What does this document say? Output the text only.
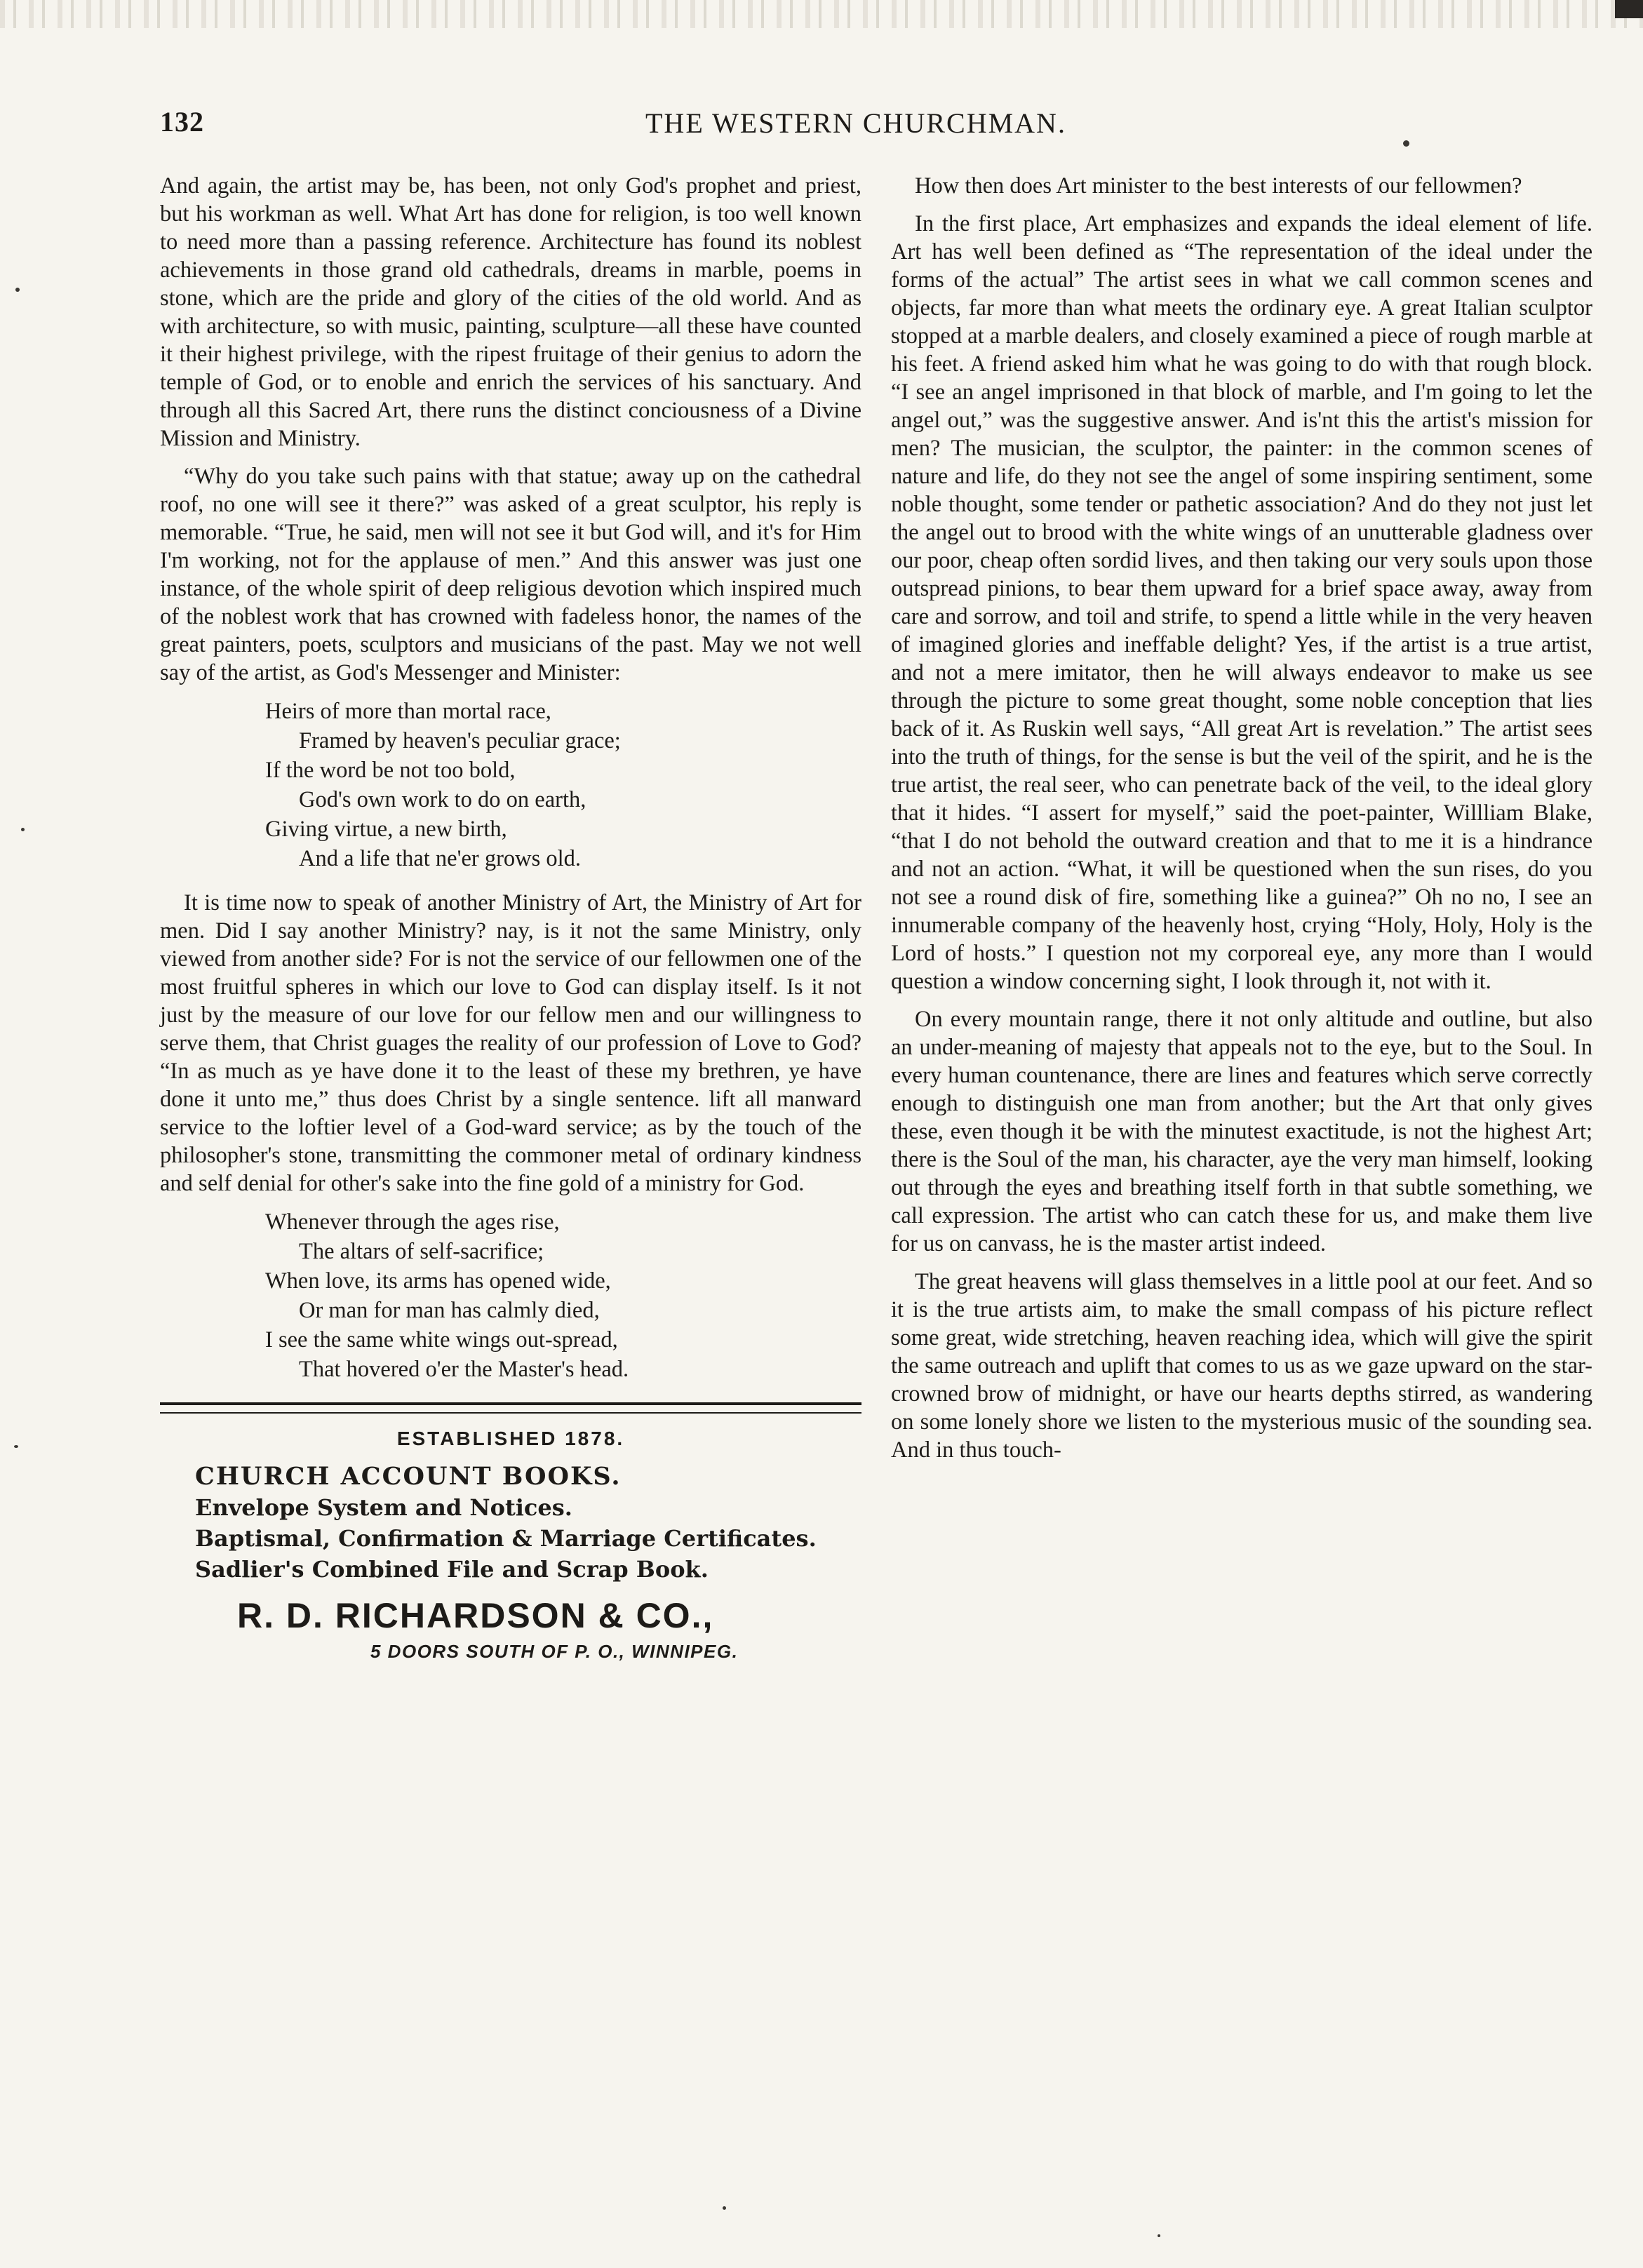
132	THE WESTERN CHURCHMAN.

And again, the artist may be, has been, not only God's prophet and priest, but his workman as well. What Art has done for religion, is too well known to need more than a passing reference. Architecture has found its noblest achievements in those grand old cathedrals, dreams in marble, poems in stone, which are the pride and glory of the cities of the old world. And as with architecture, so with music, painting, sculpture—all these have counted it their highest privilege, with the ripest fruitage of their genius to adorn the temple of God, or to enoble and enrich the services of his sanctuary. And through all this Sacred Art, there runs the distinct conciousness of a Divine Mission and Ministry.

“Why do you take such pains with that statue; away up on the cathedral roof, no one will see it there?” was asked of a great sculptor, his reply is memorable. “True, he said, men will not see it but God will, and it's for Him I'm working, not for the applause of men.” And this answer was just one instance, of the whole spirit of deep religious devotion which inspired much of the noblest work that has crowned with fadeless honor, the names of the great painters, poets, sculptors and musicians of the past. May we not well say of the artist, as God's Messenger and Minister:

Heirs of more than mortal race,
Framed by heaven's peculiar grace;
If the word be not too bold,
God's own work to do on earth,
Giving virtue, a new birth,
And a life that ne'er grows old.

It is time now to speak of another Ministry of Art, the Ministry of Art for men. Did I say another Ministry? nay, is it not the same Ministry, only viewed from another side? For is not the service of our fellowmen one of the most fruitful spheres in which our love to God can display itself. Is it not just by the measure of our love for our fellow men and our willingness to serve them, that Christ guages the reality of our profession of Love to God? “In as much as ye have done it to the least of these my brethren, ye have done it unto me,” thus does Christ by a single sentence. lift all manward service to the loftier level of a God-ward service; as by the touch of the philosopher's stone, transmitting the commoner metal of ordinary kindness and self denial for other's sake into the fine gold of a ministry for God.

Whenever through the ages rise,
The altars of self-sacrifice;
When love, its arms has opened wide,
Or man for man has calmly died,
I see the same white wings out-spread,
That hovered o'er the Master's head.
ESTABLISHED 1878.
CHURCH ACCOUNT BOOKS.
Envelope System and Notices.
Baptismal, Confirmation & Marriage Certificates.
Sadlier's Combined File and Scrap Book.
R. D. RICHARDSON & CO.,
5 DOORS SOUTH OF P. O., WINNIPEG.

How then does Art minister to the best interests of our fellowmen?

In the first place, Art emphasizes and expands the ideal element of life. Art has well been defined as “The representation of the ideal under the forms of the actual” The artist sees in what we call common scenes and objects, far more than what meets the ordinary eye. A great Italian sculptor stopped at a marble dealers, and closely examined a piece of rough marble at his feet. A friend asked him what he was going to do with that rough block. “I see an angel imprisoned in that block of marble, and I'm going to let the angel out,” was the suggestive answer. And is'nt this the artist's mission for men? The musician, the sculptor, the painter: in the common scenes of nature and life, do they not see the angel of some inspiring sentiment, some noble thought, some tender or pathetic association? And do they not just let the angel out to brood with the white wings of an unutterable gladness over our poor, cheap often sordid lives, and then taking our very souls upon those outspread pinions, to bear them upward for a brief space away, away from care and sorrow, and toil and strife, to spend a little while in the very heaven of imagined glories and ineffable delight? Yes, if the artist is a true artist, and not a mere imitator, then he will always endeavor to make us see through the picture to some great thought, some noble conception that lies back of it. As Ruskin well says, “All great Art is revelation.” The artist sees into the truth of things, for the sense is but the veil of the spirit, and he is the true artist, the real seer, who can penetrate back of the veil, to the ideal glory that it hides. “I assert for myself,” said the poet-painter, Willliam Blake, “that I do not behold the outward creation and that to me it is a hindrance and not an action. “What, it will be questioned when the sun rises, do you not see a round disk of fire, something like a guinea?” Oh no no, I see an innumerable company of the heavenly host, crying “Holy, Holy, Holy is the Lord of hosts.” I question not my corporeal eye, any more than I would question a window concerning sight, I look through it, not with it.

On every mountain range, there it not only altitude and outline, but also an under-meaning of majesty that appeals not to the eye, but to the Soul. In every human countenance, there are lines and features which serve correctly enough to distinguish one man from another; but the Art that only gives these, even though it be with the minutest exactitude, is not the highest Art; there is the Soul of the man, his character, aye the very man himself, looking out through the eyes and breathing itself forth in that subtle something, we call expression. The artist who can catch these for us, and make them live for us on canvass, he is the master artist indeed.

The great heavens will glass themselves in a little pool at our feet. And so it is the true artists aim, to make the small compass of his picture reflect some great, wide stretching, heaven reaching idea, which will give the spirit the same outreach and uplift that comes to us as we gaze upward on the star-crowned brow of midnight, or have our hearts depths stirred, as wandering on some lonely shore we listen to the mysterious music of the sounding sea. And in thus touch-
